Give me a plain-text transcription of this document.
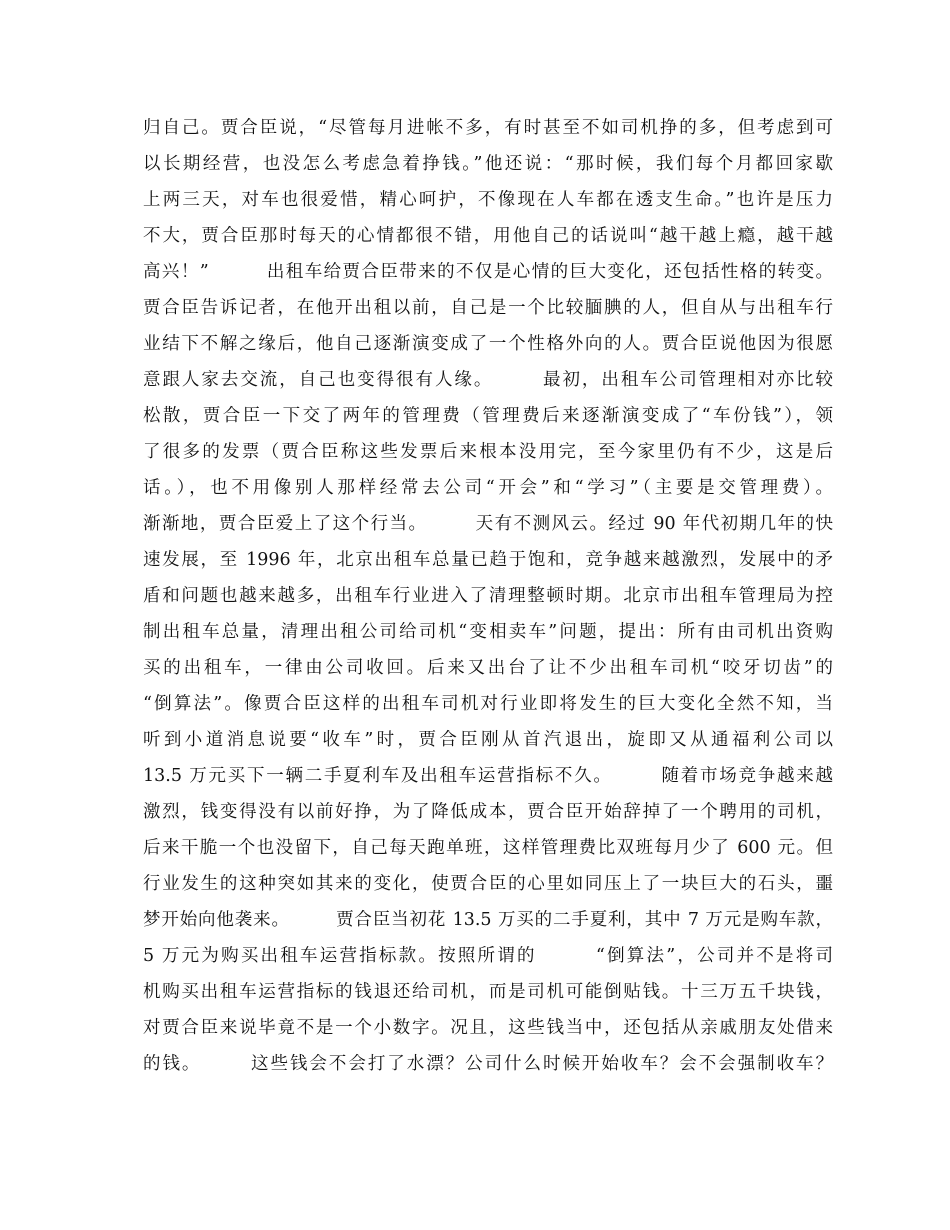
归自己。贾合臣说，“尽管每月进帐不多，有时甚至不如司机挣的多，但考虑到可
以长期经营，也没怎么考虑急着挣钱。”他还说：“那时候，我们每个月都回家歇
上两三天，对车也很爱惜，精心呵护，不像现在人车都在透支生命。”也许是压力
不大，贾合臣那时每天的心情都很不错，用他自己的话说叫“越干越上瘾，越干越
高兴！”　　　出租车给贾合臣带来的不仅是心情的巨大变化，还包括性格的转变。
贾合臣告诉记者，在他开出租以前，自己是一个比较腼腆的人，但自从与出租车行
业结下不解之缘后，他自己逐渐演变成了一个性格外向的人。贾合臣说他因为很愿
意跟人家去交流，自己也变得很有人缘。　　　最初，出租车公司管理相对亦比较
松散，贾合臣一下交了两年的管理费（管理费后来逐渐演变成了“车份钱”），领
了很多的发票（贾合臣称这些发票后来根本没用完，至今家里仍有不少，这是后
话。），也不用像别人那样经常去公司“开会”和“学习”（主要是交管理费）。
渐渐地，贾合臣爱上了这个行当。　　　天有不测风云。经过 90 年代初期几年的快
速发展，至 1996 年，北京出租车总量已趋于饱和，竞争越来越激烈，发展中的矛
盾和问题也越来越多，出租车行业进入了清理整顿时期。北京市出租车管理局为控
制出租车总量，清理出租公司给司机“变相卖车”问题，提出：所有由司机出资购
买的出租车，一律由公司收回。后来又出台了让不少出租车司机“咬牙切齿”的
“倒算法”。像贾合臣这样的出租车司机对行业即将发生的巨大变化全然不知，当
听到小道消息说要“收车”时，贾合臣刚从首汽退出，旋即又从通福利公司以
13.5 万元买下一辆二手夏利车及出租车运营指标不久。　　　随着市场竞争越来越
激烈，钱变得没有以前好挣，为了降低成本，贾合臣开始辞掉了一个聘用的司机，
后来干脆一个也没留下，自己每天跑单班，这样管理费比双班每月少了 600 元。但
行业发生的这种突如其来的变化，使贾合臣的心里如同压上了一块巨大的石头，噩
梦开始向他袭来。　　　贾合臣当初花 13.5 万买的二手夏利，其中 7 万元是购车款，
5 万元为购买出租车运营指标款。按照所谓的　　　“倒算法”，公司并不是将司
机购买出租车运营指标的钱退还给司机，而是司机可能倒贴钱。十三万五千块钱，
对贾合臣来说毕竟不是一个小数字。况且，这些钱当中，还包括从亲戚朋友处借来
的钱。　　　这些钱会不会打了水漂？公司什么时候开始收车？会不会强制收车？
